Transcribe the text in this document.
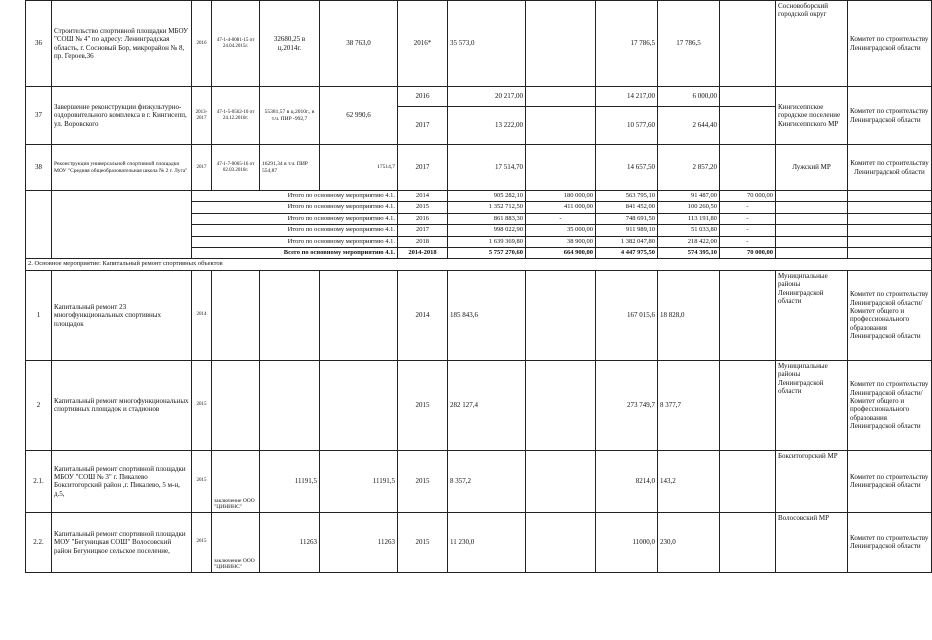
36	Строительство спортивной площадки МБОУ "СОШ № 4" по адресу: Ленинградская область, г. Сосновый Бор, микрорайон № 8, пр. Героев,36	2016	47-1-4-0081-15 от 24.04.2015г.	32680,25 в ц.2014г.	38 763,0	2016*	35 573,0		17 786,5	17 786,5		Сосновоборский городской округ	Комитет по строительству Ленинградской области
37	Завершение реконструкции физкультурно-оздоровительного комплекса в г. Кингисепп, ул. Воровского	2013-2017	47-1-5-0562-10 от 24.12.2010г.	55381,57 в ц.2010г., в т.ч. ПИР -992,7	62 990,6	2016	20 217,00		14 217,00	6 000,00		Кингисеппское городское поселение Кингисеппского МР	Комитет по строительству Ленинградской области
						2017	13 222,00		10 577,60	2 644,40			
38	Реконструкция универсальной спортивной площадки МОУ "Средняя общеобразовательная школа № 2 г. Луга"	2017	47-1-7-0065-16 от 02.03.2016г.	16291,34 в т.ч. ПИР 554,87	17514,7	2017	17 514,70		14 657,50	2 857,20		Лужский МР	Комитет по строительству Ленинградской области
		Итого по основному мероприятию 4.1.				2014	905 282,10	180 000,00	563 795,10	91 487,00	70 000,00		
		Итого по основному мероприятию 4.1.				2015	1 352 712,50	411 000,00	841 452,00	100 260,50	-		
		Итого по основному мероприятию 4.1.				2016	861 883,30	-	748 691,50	113 191,80	-		
		Итого по основному мероприятию 4.1.				2017	998 022,90	35 000,00	911 989,10	51 033,80	-		
		Итого по основному мероприятию 4.1.				2018	1 639 369,80	38 900,00	1 382 047,80	218 422,00	-		
		Всего по основному мероприятию 4.1.				2014-2018	5 757 270,60	664 900,00	4 447 975,50	574 395,10	70 000,00		
2. Основное мероприятие: Капитальный ремонт спортивных объектов													
1	Капитальный ремонт 23 многофункциональных спортивных площадок	2014				2014	185 843,6		167 015,6	18 828,0		Муниципальные районы Ленинградской области	Комитет по строительству Ленинградской области/Комитет общего и профессионального образования Ленинградской области
2	Капитальный ремонт многофункциональных спортивных площадок и стадионов	2015				2015	282 127,4		273 749,7	8 377,7		Муниципальные районы Ленинградской области	Комитет по строительству Ленинградской области/Комитет общего и профессионального образования Ленинградской области
2.1.	Капитальный ремонт спортивной площадки МБОУ "СОШ № 3" г. Пикалево Бокситогорский район ,г. Пикалево, 5 м-н, д.5,	2015	заключение ООО "ЦИНИНС"	11191,5	11191,5	2015	8 357,2		8214,0	143,2		Бокситогорский МР	Комитет по строительству Ленинградской области
2.2.	Капитальный ремонт спортивной площадки МОУ "Бегуницкая СОШ" Волосовский район Бегуницкое сельское поселение,	2015	заключение ООО "ЦИНИНС"	11263	11263	2015	11 230,0		11000,0	230,0		Волосовский МР	Комитет по строительству Ленинградской области
